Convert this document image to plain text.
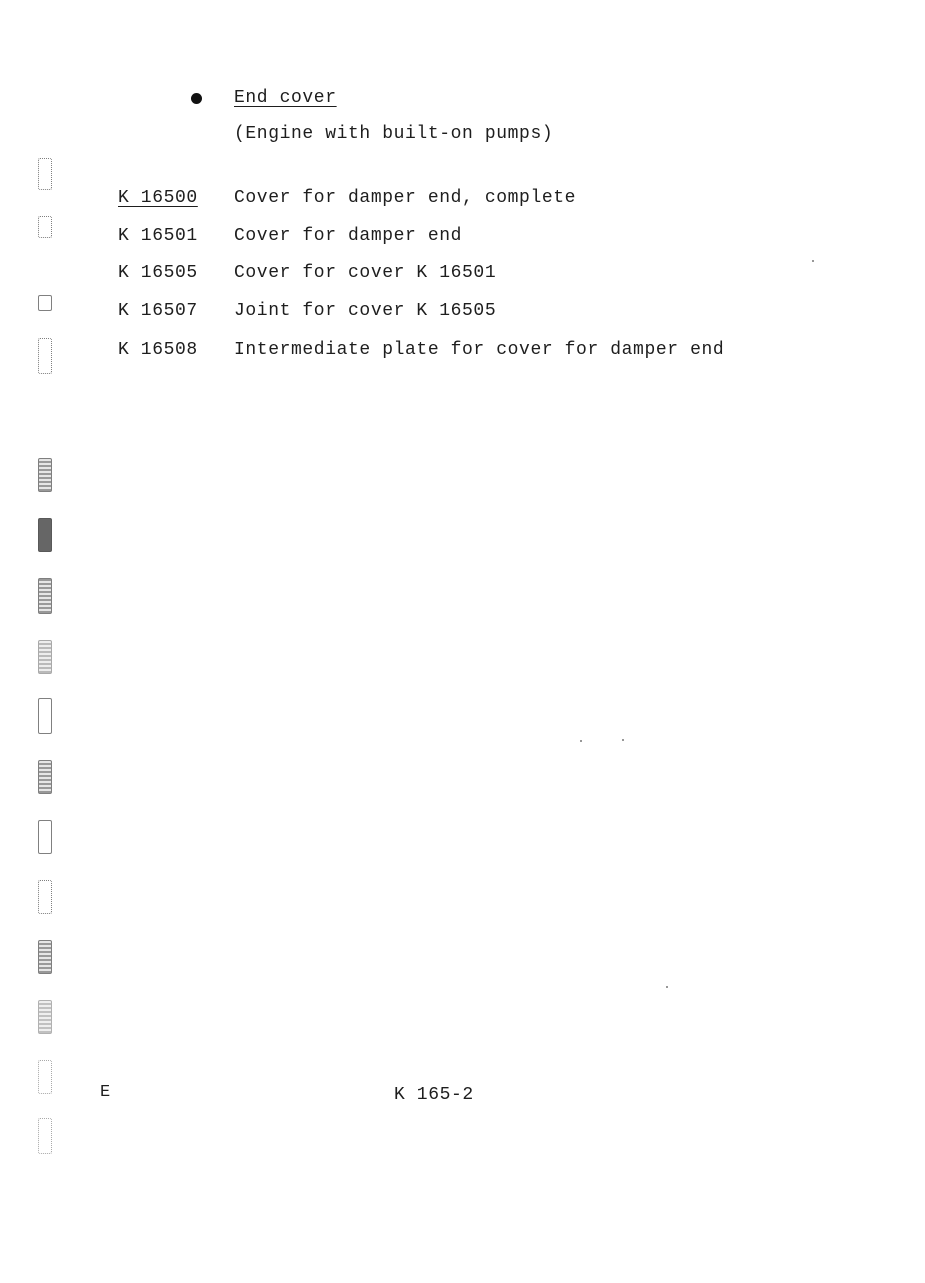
End cover
(Engine with built-on pumps)
K 16500 Cover for damper end, complete
K 16501 Cover for damper end
K 16505 Cover for cover K 16501
K 16507 Joint for cover K 16505
K 16508 Intermediate plate for cover for damper end
E	K 165-2
